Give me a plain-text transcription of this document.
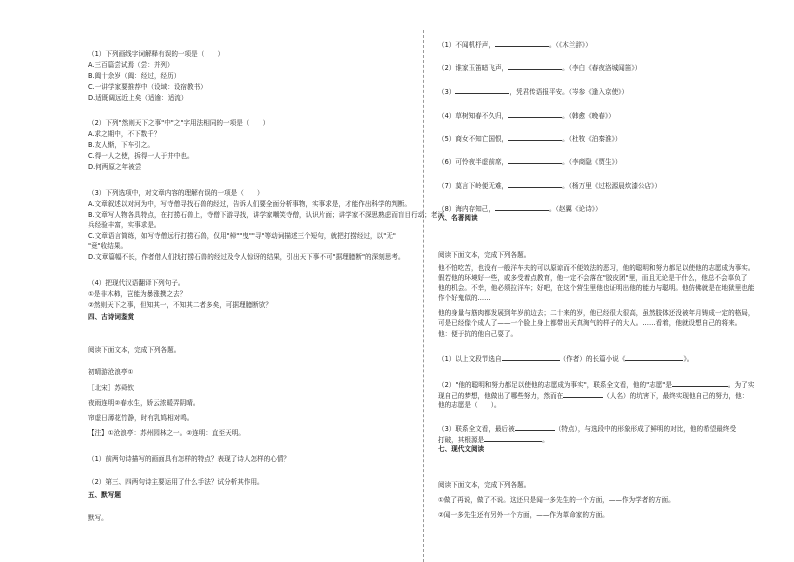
（1）下列画线字词解释有误的一项是（　　）
A.三百篇尝试焉（尝：并列）
B.阖十余岁（阖：经过，经历）
C.一讲学家要推荐中（设域：设宿教书）
D.适既阔远近上矣（适逾：适流）
（2）下列"然则天下之事"中"之"字用法相同的一项是（　　）
A.求之期中，不下数千？
B.友人惭，下车引之。
C.得一人之使，拆得一人于井中也。
D.何两原之年被尝
（3）下列选项中，对文章内容的理解有误的一项是（　　）
A.文章叙述以对河为中，写寺僧寻找石兽的经过，告诉人们要全面分析事物，实事求是，才能作出科学的判断。
B.文章写人物各具特点，在打捞石兽上，寺僧下游寻找，讲学家嘲笑寺僧，认识片面；讲学家不深思熟虑而盲目行动；老河
兵经验丰富，实事求是。
C.文章语言简练，如写寺僧远行打捞石兽，仅用"棹""曳""寻"等动词描述三个短句，就把打捞经过，以"无"
"竟"收结果。
D.文章篇幅不长，作者借人们找打捞石兽的经过及令人惊讶的结果，引出天下事不可"据理臆断"的深刻思考。
（4）把现代汉语翻译下列句子。
①是非木柿，岂能为暴涨携之去？
②然则天下之事，但知其一，不知其二者多矣，可据理臆断欤？
四、古诗词鉴赏
阅读下面文本，完成下列各题。
初晴游沧浪亭①
［北宋］苏舜钦
夜雨连明②春水生，娇云浓暖弄阴晴。
帘虚日薄花竹静，时有乳鸠相对鸣。
【注】①沧浪亭：苏州园林之一。②连明：直至天明。
（1）前两句诗描写的画面具有怎样的特点？表现了诗人怎样的心情？
（2）第三、四两句诗主要运用了什么手法？试分析其作用。
五、默写题
默写。
（1）不闻机杼声，	。（《木兰辞》）
（2）谁家玉笛暗飞声，	。（李白《春夜洛城闻笛》）
（3）	，凭君传语报平安。（岑参《逢入京使》）
（4）草树知春不久归，	。（韩愈《晚春》）
（5）商女不知亡国恨，	。（杜牧《泊秦淮》）
（6）可怜夜半虚前席，	。（李商隐《贾生》）
（7）莫言下岭便无难，	。（杨万里《过松源晨炊漆公店》）
（8）海内存知己，	。（赵翼《论诗》）
六、名著阅读
阅读下面文本，完成下列各题。
他不怕吃苦，也没有一般洋车夫的可以原谅而不便效法的恶习，他的聪明和努力都足以使他的志愿成为事实。
假若他的环境好一些，或多受着点教育，他一定不会落在"胶皮团"里，而且无论是干什么，他总不会辜负了
他的机会。不幸，他必须拉洋车；好吧，在这个营生里他也证明出他的能力与聪明。他仿佛就是在地狱里也能
作个好鬼似的……
他的身量与筋肉都发展到年岁前边去；二十来的岁，他已经很大很高，虽然肢体还没被年月铸成一定的格局，
可是已经像个成人了——一个脸上身上都带出天真淘气的样子的大人。……看着，他就设想自己的将来。
他：便于抗的他自己耍了。
（1）以上文段节选自	（作者）的长篇小说《	》。
（2）"他的聪明和努力都足以使他的志愿成为事实"，联系全文看，他的"志愿"是	。为了实
现自己的梦想，他做出了哪些努力，然而在	（人名）的坑害下，最终实现他自己的努力，他：
他的志愿是（　　）。
（3）联系全文看，最后被	（特点），与选段中的形象形成了鲜明的对比，他的希望最终受
打破，其根源是	。
七、现代文阅读
阅读下面文本，完成下列各题。
①做了再说，做了不说。这还只是闻一多先生的一个方面，——作为学者的方面。
②闻一多先生还有另外一个方面，——作为革命家的方面。
